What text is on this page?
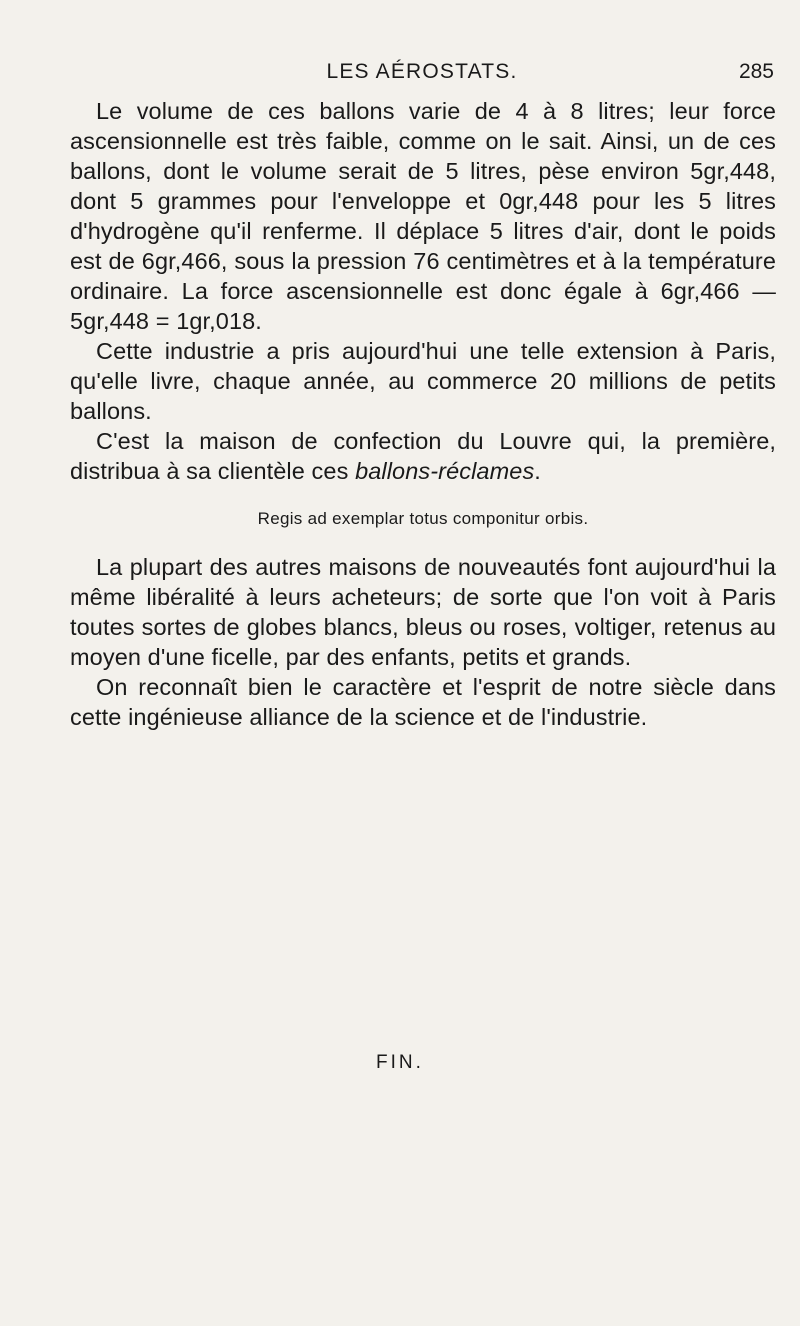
LES AÉROSTATS.	285

Le volume de ces ballons varie de 4 à 8 litres; leur force ascensionnelle est très faible, comme on le sait. Ainsi, un de ces ballons, dont le volume serait de 5 litres, pèse environ 5gr,448, dont 5 grammes pour l'enveloppe et 0gr,448 pour les 5 litres d'hydrogène qu'il renferme. Il déplace 5 litres d'air, dont le poids est de 6gr,466, sous la pression 76 centimètres et à la température ordinaire. La force ascensionnelle est donc égale à 6gr,466 — 5gr,448 = 1gr,018.

Cette industrie a pris aujourd'hui une telle extension à Paris, qu'elle livre, chaque année, au commerce 20 millions de petits ballons.

C'est la maison de confection du Louvre qui, la première, distribua à sa clientèle ces ballons-réclames.

Regis ad exemplar totus componitur orbis.

La plupart des autres maisons de nouveautés font aujourd'hui la même libéralité à leurs acheteurs; de sorte que l'on voit à Paris toutes sortes de globes blancs, bleus ou roses, voltiger, retenus au moyen d'une ficelle, par des enfants, petits et grands.

On reconnaît bien le caractère et l'esprit de notre siècle dans cette ingénieuse alliance de la science et de l'industrie.

FIN.
